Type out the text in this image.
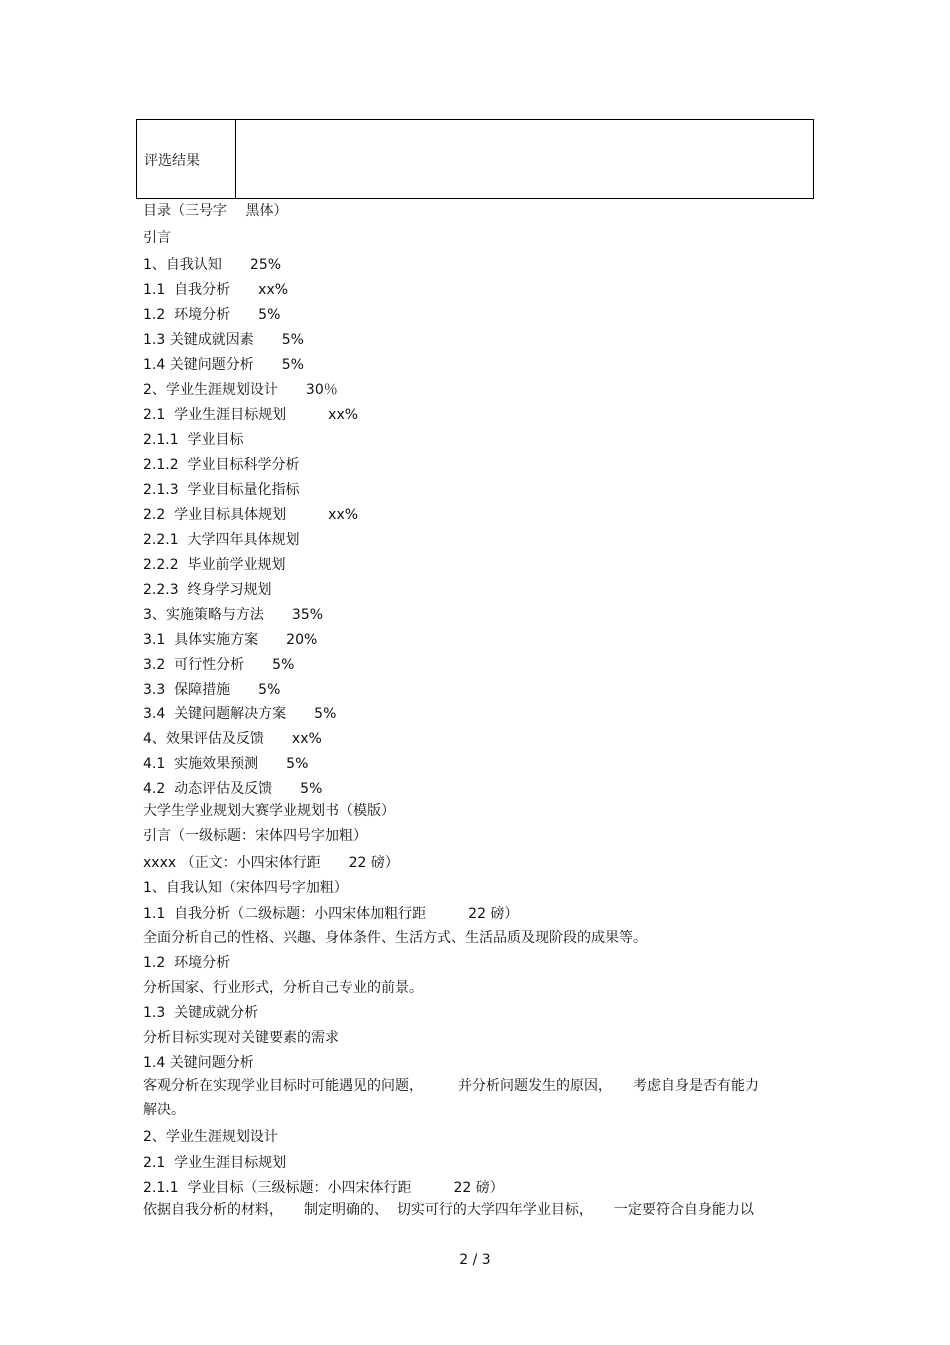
评选结果
目录（三号字 　黑体）
引言
1、自我认知　　25%
1.1  自我分析　　xx%
1.2  环境分析　　5%
1.3 关键成就因素　　5%
1.4 关键问题分析　　5%
2、学业生涯规划设计　　30％
2.1  学业生涯目标规划　　　xx%
2.1.1  学业目标
2.1.2  学业目标科学分析
2.1.3  学业目标量化指标
2.2  学业目标具体规划　　　xx%
2.2.1  大学四年具体规划
2.2.2  毕业前学业规划
2.2.3  终身学习规划
3、实施策略与方法　　35%
3.1  具体实施方案　　20%
3.2  可行性分析　　5%
3.3  保障措施　　5%
3.4  关键问题解决方案　　5%
4、效果评估及反馈　　xx%
4.1  实施效果预测　　5%
4.2  动态评估及反馈　　5%
大学生学业规划大赛学业规划书（模版）
引言（一级标题：宋体四号字加粗）
xxxx （正文：小四宋体行距　　22 磅）
1、自我认知（宋体四号字加粗）
1.1  自我分析（二级标题：小四宋体加粗行距　　　22 磅）
全面分析自己的性格、兴趣、身体条件、生活方式、生活品质及现阶段的成果等。
1.2  环境分析
分析国家、行业形式，分析自己专业的前景。
1.3  关键成就分析
分析目标实现对关键要素的需求
1.4 关键问题分析
客观分析在实现学业目标时可能遇见的问题，　　　并分析问题发生的原因，　　考虑自身是否有能力
解决。
2、学业生涯规划设计
2.1  学业生涯目标规划
2.1.1  学业目标（三级标题：小四宋体行距　　　22 磅）
依据自我分析的材料，　　制定明确的、  切实可行的大学四年学业目标，　　一定要符合自身能力以
2 / 3
